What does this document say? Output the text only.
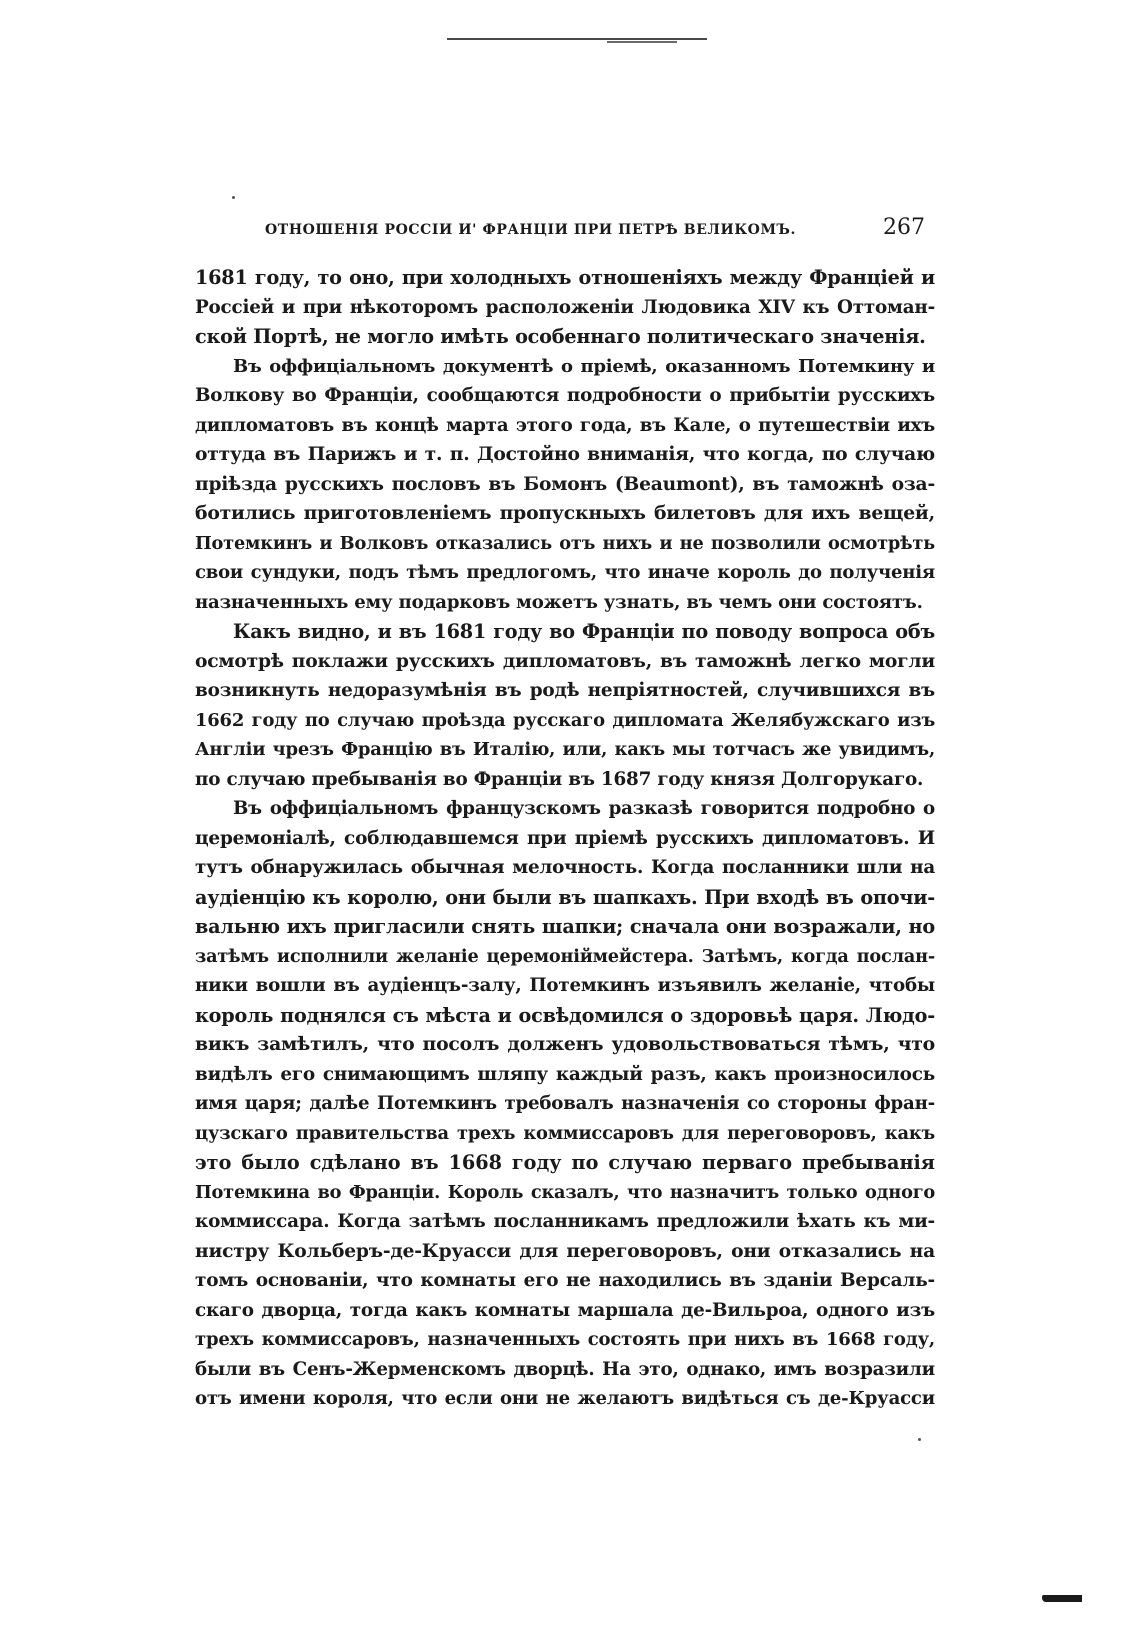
ОТНОШЕНІЯ РОССІИ И' ФРАНЦІИ ПРИ ПЕТРѢ ВЕЛИКОМЪ.	267
1681 году, то оно, при холодныхъ отношеніяхъ между Франціей и
Россіей и при нѣкоторомъ расположеніи Людовика XIV къ Оттоман-
ской Портѣ, не могло имѣть особеннаго политическаго значенія.
Въ оффиціальномъ документѣ о пріемѣ, оказанномъ Потемкину и
Волкову во Франціи, сообщаются подробности о прибытіи русскихъ
дипломатовъ въ концѣ марта этого года, въ Кале, о путешествіи ихъ
оттуда въ Парижъ и т. п. Достойно вниманія, что когда, по случаю
пріѣзда русскихъ пословъ въ Бомонъ (Beaumont), въ таможнѣ оза-
ботились приготовленіемъ пропускныхъ билетовъ для ихъ вещей,
Потемкинъ и Волковъ отказались отъ нихъ и не позволили осмотрѣть
свои сундуки, подъ тѣмъ предлогомъ, что иначе король до полученія
назначенныхъ ему подарковъ можетъ узнать, въ чемъ они состоятъ.
Какъ видно, и въ 1681 году во Франціи по поводу вопроса объ
осмотрѣ поклажи русскихъ дипломатовъ, въ таможнѣ легко могли
возникнуть недоразумѣнія въ родѣ непріятностей, случившихся въ
1662 году по случаю проѣзда русскаго дипломата Желябужскаго изъ
Англіи чрезъ Францію въ Италію, или, какъ мы тотчасъ же увидимъ,
по случаю пребыванія во Франціи въ 1687 году князя Долгорукаго.
Въ оффиціальномъ французскомъ разказѣ говорится подробно о
церемоніалѣ, соблюдавшемся при пріемѣ русскихъ дипломатовъ. И
тутъ обнаружилась обычная мелочность. Когда посланники шли на
аудіенцію къ королю, они были въ шапкахъ. При входѣ въ опочи-
вальню ихъ пригласили снять шапки; сначала они возражали, но
затѣмъ исполнили желаніе церемоніймейстера. Затѣмъ, когда послан-
ники вошли въ аудіенцъ-залу, Потемкинъ изъявилъ желаніе, чтобы
король поднялся съ мѣста и освѣдомился о здоровьѣ царя. Людо-
викъ замѣтилъ, что посолъ долженъ удовольствоваться тѣмъ, что
видѣлъ его снимающимъ шляпу каждый разъ, какъ произносилось
имя царя; далѣе Потемкинъ требовалъ назначенія со стороны фран-
цузскаго правительства трехъ коммиссаровъ для переговоровъ, какъ
это было сдѣлано въ 1668 году по случаю перваго пребыванія
Потемкина во Франціи. Король сказалъ, что назначитъ только одного
коммиссара. Когда затѣмъ посланникамъ предложили ѣхать къ ми-
нистру Кольберъ-де-Круасси для переговоровъ, они отказались на
томъ основаніи, что комнаты его не находились въ зданіи Версаль-
скаго дворца, тогда какъ комнаты маршала де-Вильроа, одного изъ
трехъ коммиссаровъ, назначенныхъ состоять при нихъ въ 1668 году,
были въ Сенъ-Жерменскомъ дворцѣ. На это, однако, имъ возразили
отъ имени короля, что если они не желаютъ видѣться съ де-Круасси
